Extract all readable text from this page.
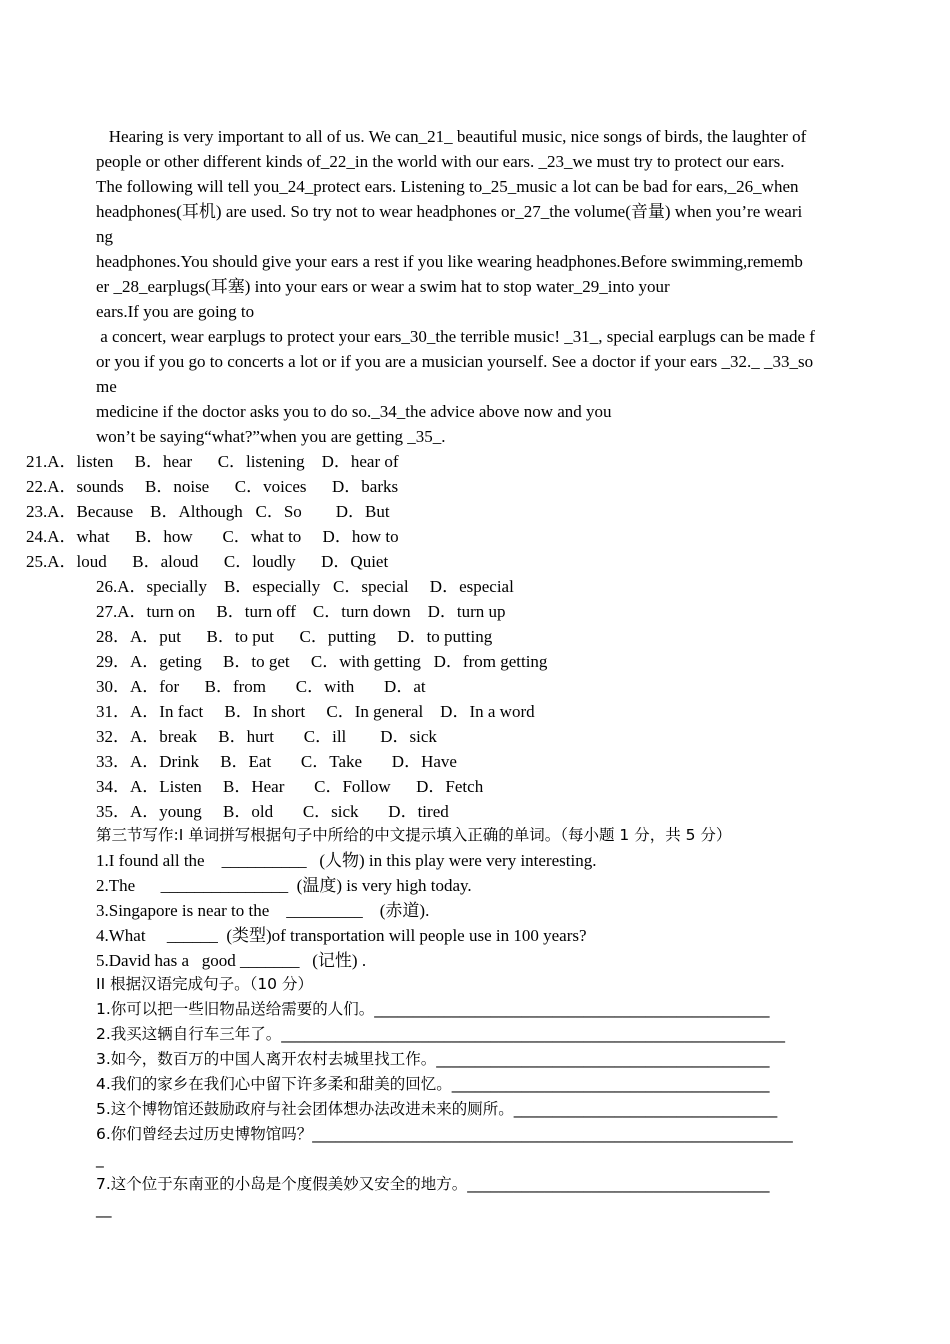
Hearing is very important to all of us. We can_21_ beautiful music, nice songs of birds, the laughter of
people or other different kinds of_22_in the world with our ears. _23_we must try to protect our ears.
The following will tell you_24_protect ears. Listening to_25_music a lot can be bad for ears,_26_when
headphones(耳机) are used. So try not to wear headphones or_27_the volume(音量) when you’re weari
ng
headphones.You should give your ears a rest if you like wearing headphones.Before swimming,rememb
er _28_earplugs(耳塞) into your ears or wear a swim hat to stop water_29_into your
ears.If you are going to
a concert, wear earplugs to protect your ears_30_the terrible music! _31_, special earplugs can be made f
or you if you go to concerts a lot or if you are a musician yourself. See a doctor if your ears _32._ _33_so
me
medicine if the doctor asks you to do so._34_the advice above now and you
won’t be saying“what?”when you are getting _35_.
21.A．listen     B．hear      C．listening    D．hear of
22.A．sounds     B．noise      C．voices      D．barks
23.A．Because    B．Although   C．So        D．But
24.A．what      B．how       C．what to     D．how to
25.A．loud      B．aloud      C．loudly      D．Quiet
26.A．specially    B．especially   C．special     D．especial
27.A．turn on     B．turn off    C．turn down    D．turn up
28．A．put      B．to put      C．putting     D．to putting
29．A．geting     B．to get     C．with getting   D．from getting
30．A．for      B．from       C．with       D．at
31．A．In fact     B．In short     C．In general    D．In a word
32．A．break     B．hurt       C．ill        D．sick
33．A．Drink     B．Eat       C．Take       D．Have
34．A．Listen     B．Hear       C．Follow      D．Fetch
35．A．young     B．old       C．sick       D．tired
第三节写作:I 单词拼写根据句子中所给的中文提示填入正确的单词。（每小题 1 分，共 5 分）
1.I found all the    __________   (人物) in this play were very interesting.
2.The      _______________  (温度) is very high today.
3.Singapore is near to the    _________    (赤道).
4.What     ______  (类型)of transportation will people use in 100 years?
5.David has a   good _______   (记性) .
II 根据汉语完成句子。（10 分）
1.你可以把一些旧物品送给需要的人们。___________________________________________________
2.我买这辆自行车三年了。_________________________________________________________________
3.如今，数百万的中国人离开农村去城里找工作。___________________________________________
4.我们的家乡在我们心中留下许多柔和甜美的回忆。_________________________________________
5.这个博物馆还鼓励政府与社会团体想办法改进未来的厕所。__________________________________
6.你们曾经去过历史博物馆吗？______________________________________________________________
_
7.这个位于东南亚的小岛是个度假美妙又安全的地方。_______________________________________
__
